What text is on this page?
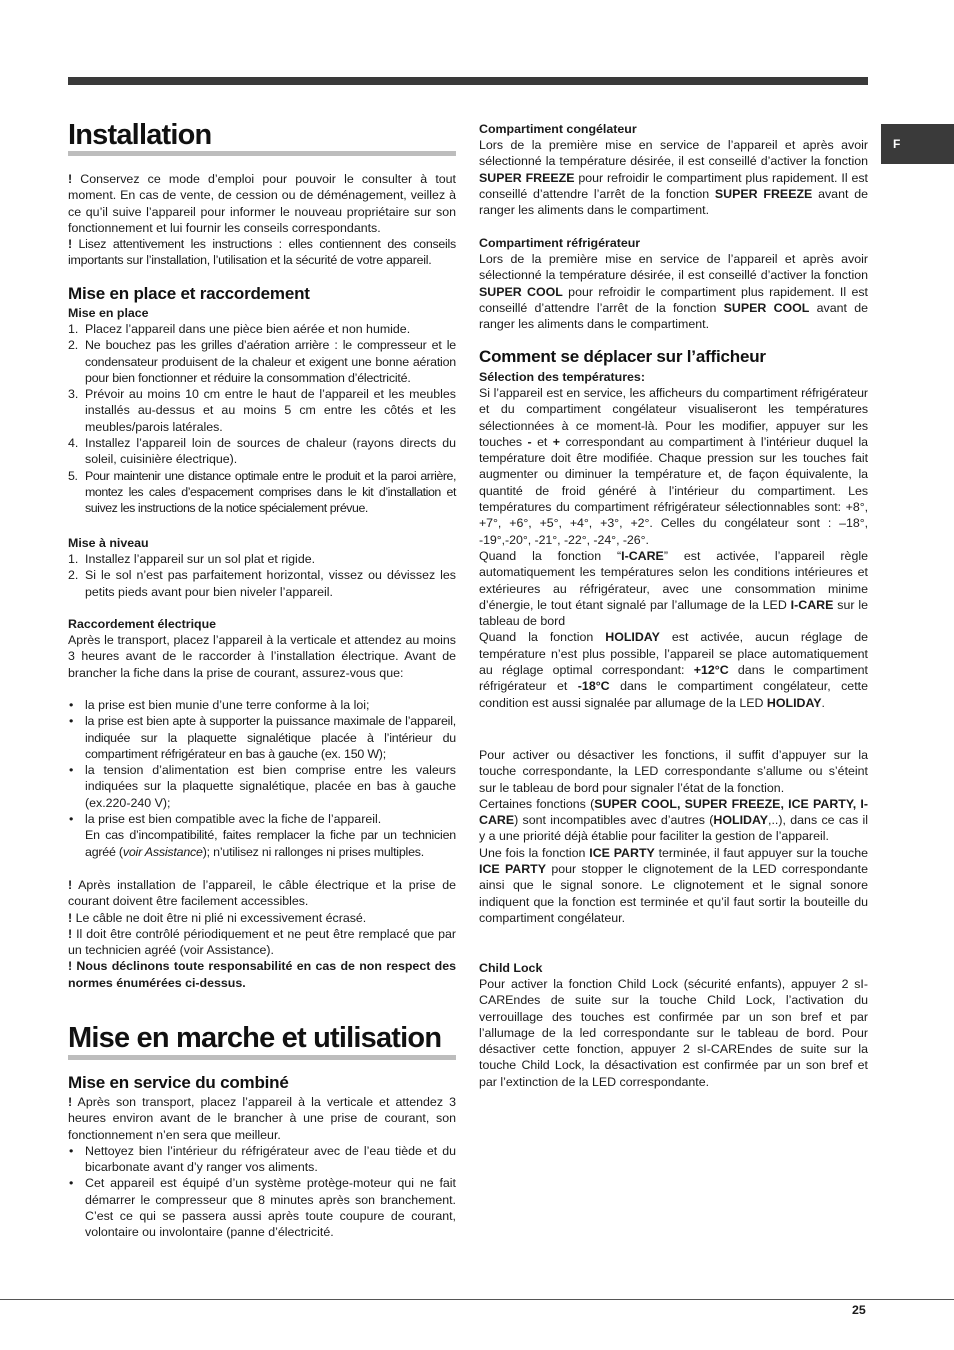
F
Installation

! Conservez ce mode d’emploi pour pouvoir le consulter à tout moment. En cas de vente, de cession ou de déménagement, veillez à ce qu’il suive l’appareil pour informer le nouveau propriétaire sur son fonctionnement et lui fournir les conseils correspondants.

! Lisez attentivement les instructions : elles contiennent des conseils importants sur l’installation, l’utilisation et la sécurité de votre appareil.

Mise en place et raccordement
Mise en place
1. Placez l’appareil dans une pièce bien aérée et non humide.
2. Ne bouchez pas les grilles d’aération arrière : le compresseur et le condensateur produisent de la chaleur et exigent une bonne aération pour bien fonctionner et réduire la consommation d’électricité.
3. Prévoir au moins 10 cm entre le haut de l’appareil et les meubles installés au-dessus et au moins 5 cm entre les côtés et les meubles/parois latérales.
4. Installez l’appareil loin de sources de chaleur (rayons directs du soleil, cuisinière électrique).
5. Pour maintenir une distance optimale entre le produit et la paroi arrière, montez les cales d’espacement comprises dans le kit d’installation et suivez les instructions de la notice spécialement prévue.
Mise à niveau
1. Installez l’appareil sur un sol plat et rigide.
2. Si le sol n’est pas parfaitement horizontal, vissez ou dévissez les petits pieds avant pour bien niveler l’appareil.
Raccordement électrique

Après le transport, placez l’appareil à la verticale et attendez au moins 3 heures avant de le raccorder à l’installation électrique. Avant de brancher la fiche dans la prise de courant, assurez-vous que:

• la prise est bien munie d’une terre conforme à la loi;
• la prise est bien apte à supporter la puissance maximale de l’appareil, indiquée sur la plaquette signalétique placée à l’intérieur du compartiment réfrigérateur en bas à gauche (ex. 150 W);
• la tension d’alimentation est bien comprise entre les valeurs indiquées sur la plaquette signalétique, placée en bas à gauche (ex.220-240 V);
• la prise est bien compatible avec la fiche de l’appareil.
En cas d’incompatibilité, faites remplacer la fiche par un technicien agréé (voir Assistance); n’utilisez ni rallonges ni prises multiples.

! Après installation de l’appareil, le câble électrique et la prise de courant doivent être facilement accessibles.

! Le câble ne doit être ni plié ni excessivement écrasé.

! Il doit être contrôlé périodiquement et ne peut être remplacé que par un technicien agréé (voir Assistance).

! Nous déclinons toute responsabilité en cas de non respect des normes énumérées ci-dessus.

Mise en marche et utilisation
Mise en service du combiné

! Après son transport, placez l’appareil à la verticale et attendez 3 heures environ avant de le brancher à une prise de courant, son fonctionnement n’en sera que meilleur.

• Nettoyez bien l’intérieur du réfrigérateur avec de l’eau tiède et du bicarbonate avant d’y ranger vos aliments.
• Cet appareil est équipé d’un système protège-moteur qui ne fait démarrer le compresseur que 8 minutes après son branchement. C’est ce qui se passera aussi après toute coupure de courant, volontaire ou involontaire (panne d’électricité.
Compartiment congélateur

Lors de la première mise en service de l’appareil et après avoir sélectionné la température désirée, il est conseillé d’activer la fonction SUPER FREEZE pour refroidir le compartiment plus rapidement. Il est conseillé d’attendre l’arrêt de la fonction SUPER FREEZE avant de ranger les aliments dans le compartiment.

Compartiment réfrigérateur

Lors de la première mise en service de l’appareil et après avoir sélectionné la température désirée, il est conseillé d’activer la fonction SUPER COOL pour refroidir le compartiment plus rapidement. Il est conseillé d’attendre l’arrêt de la fonction SUPER COOL avant de ranger les aliments dans le compartiment.

Comment se déplacer sur l’afficheur
Sélection des températures:

Si l’appareil est en service, les afficheurs du compartiment réfrigérateur et du compartiment congélateur visualiseront les températures sélectionnées à ce moment-là. Pour les modifier, appuyer sur les touches - et + correspondant au compartiment à l’intérieur duquel la température doit être modifiée. Chaque pression sur les touches fait augmenter ou diminuer la température et, de façon équivalente, la quantité de froid généré à l’intérieur du compartiment. Les températures du compartiment réfrigérateur sélectionnables sont: +8°, +7°, +6°, +5°, +4°, +3°, +2°. Celles du congélateur sont : –18°, -19°,-20°, -21°, -22°, -24°, -26°.

Quand la fonction “I-CARE” est activée, l’appareil règle automatiquement les températures selon les conditions intérieures et extérieures au réfrigérateur, avec une consommation minime d’énergie, le tout étant signalé par l’allumage de la LED I-CARE sur le tableau de bord

Quand la fonction HOLIDAY est activée, aucun réglage de température n’est plus possible, l’appareil se place automatiquement au réglage optimal correspondant: +12°C dans le compartiment réfrigérateur et -18°C dans le compartiment congélateur, cette condition est aussi signalée par allumage de la LED HOLIDAY.

Pour activer ou désactiver les fonctions, il suffit d’appuyer sur la touche correspondante, la LED correspondante s’allume ou s’éteint sur le tableau de bord pour signaler l’état de la fonction.

Certaines fonctions (SUPER COOL, SUPER FREEZE, ICE PARTY, I-CARE) sont incompatibles avec d’autres (HOLIDAY,..), dans ce cas il y a une priorité déjà établie pour faciliter la gestion de l’appareil.

Une fois la fonction ICE PARTY terminée, il faut appuyer sur la touche ICE PARTY pour stopper le clignotement de la LED correspondante ainsi que le signal sonore. Le clignotement et le signal sonore indiquent que la fonction est terminée et qu’il faut sortir la bouteille du compartiment congélateur.

Child Lock

Pour activer la fonction Child Lock (sécurité enfants), appuyer 2 sI-CAREndes de suite sur la touche Child Lock, l’activation du verrouillage des touches est confirmée par un son bref et par l’allumage de la led correspondante sur le tableau de bord. Pour désactiver cette fonction, appuyer 2 sI-CAREndes de suite sur la touche Child Lock, la désactivation est confirmée par un son bref et par l’extinction de la LED correspondante.

25
